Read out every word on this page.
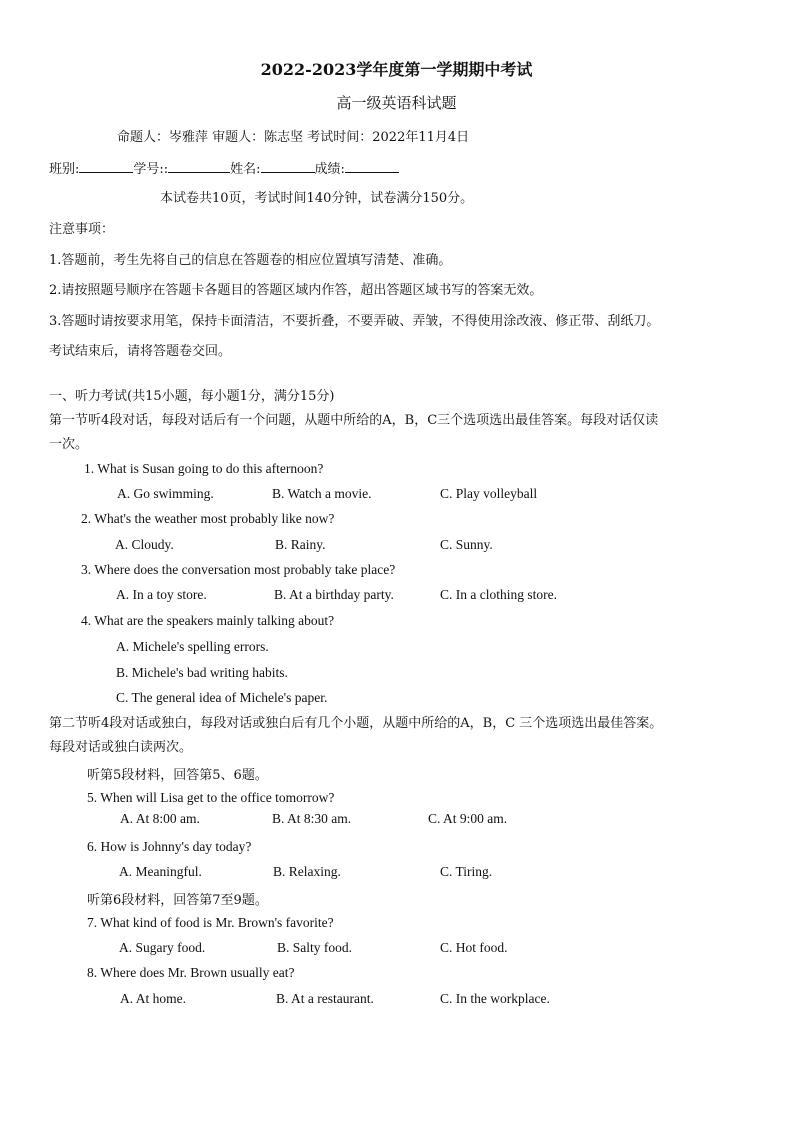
2022-2023学年度第一学期期中考试
高一级英语科试题
命题人：岑雅萍 审题人：陈志坚 考试时间：2022年11月4日
班别:	学号::	姓名:	成绩:
本试卷共10页，考试时间140分钟，试卷满分150分。
注意事项：
1.答题前，考生先将自己的信息在答题卷的相应位置填写清楚、准确。
2.请按照题号顺序在答题卡各题目的答题区域内作答，超出答题区域书写的答案无效。
3.答题时请按要求用笔，保持卡面清洁，不要折叠，不要弄破、弄皱，不得使用涂改液、修正带、刮纸刀。
考试结束后，请将答题卷交回。
一、听力考试(共15小题，每小题1分，满分15分)
第一节听4段对话，每段对话后有一个问题，从题中所给的A，B，C三个选项选出最佳答案。每段对话仅读
一次。
1. What is Susan going to do this afternoon?
A. Go swimming.	B. Watch a movie.	C. Play volleyball
2. What's the weather most probably like now?
A. Cloudy.	B. Rainy.	C. Sunny.
3. Where does the conversation most probably take place?
A. In a toy store.	B. At a birthday party.	C. In a clothing store.
4. What are the speakers mainly talking about?
A. Michele's spelling errors.
B. Michele's bad writing habits.
C. The general idea of Michele's paper.
第二节听4段对话或独白，每段对话或独白后有几个小题，从题中所给的A，B，C 三个选项选出最佳答案。
每段对话或独白读两次。
听第5段材料，回答第5、6题。
5. When will Lisa get to the office tomorrow?
A. At 8:00 am.	B. At 8:30 am.	C. At 9:00 am.
6. How is Johnny's day today?
A. Meaningful.	B. Relaxing.	C. Tiring.
听第6段材料，回答第7至9题。
7. What kind of food is Mr. Brown's favorite?
A. Sugary food.	B. Salty food.	C. Hot food.
8. Where does Mr. Brown usually eat?
A. At home.	B. At a restaurant.	C. In the workplace.
